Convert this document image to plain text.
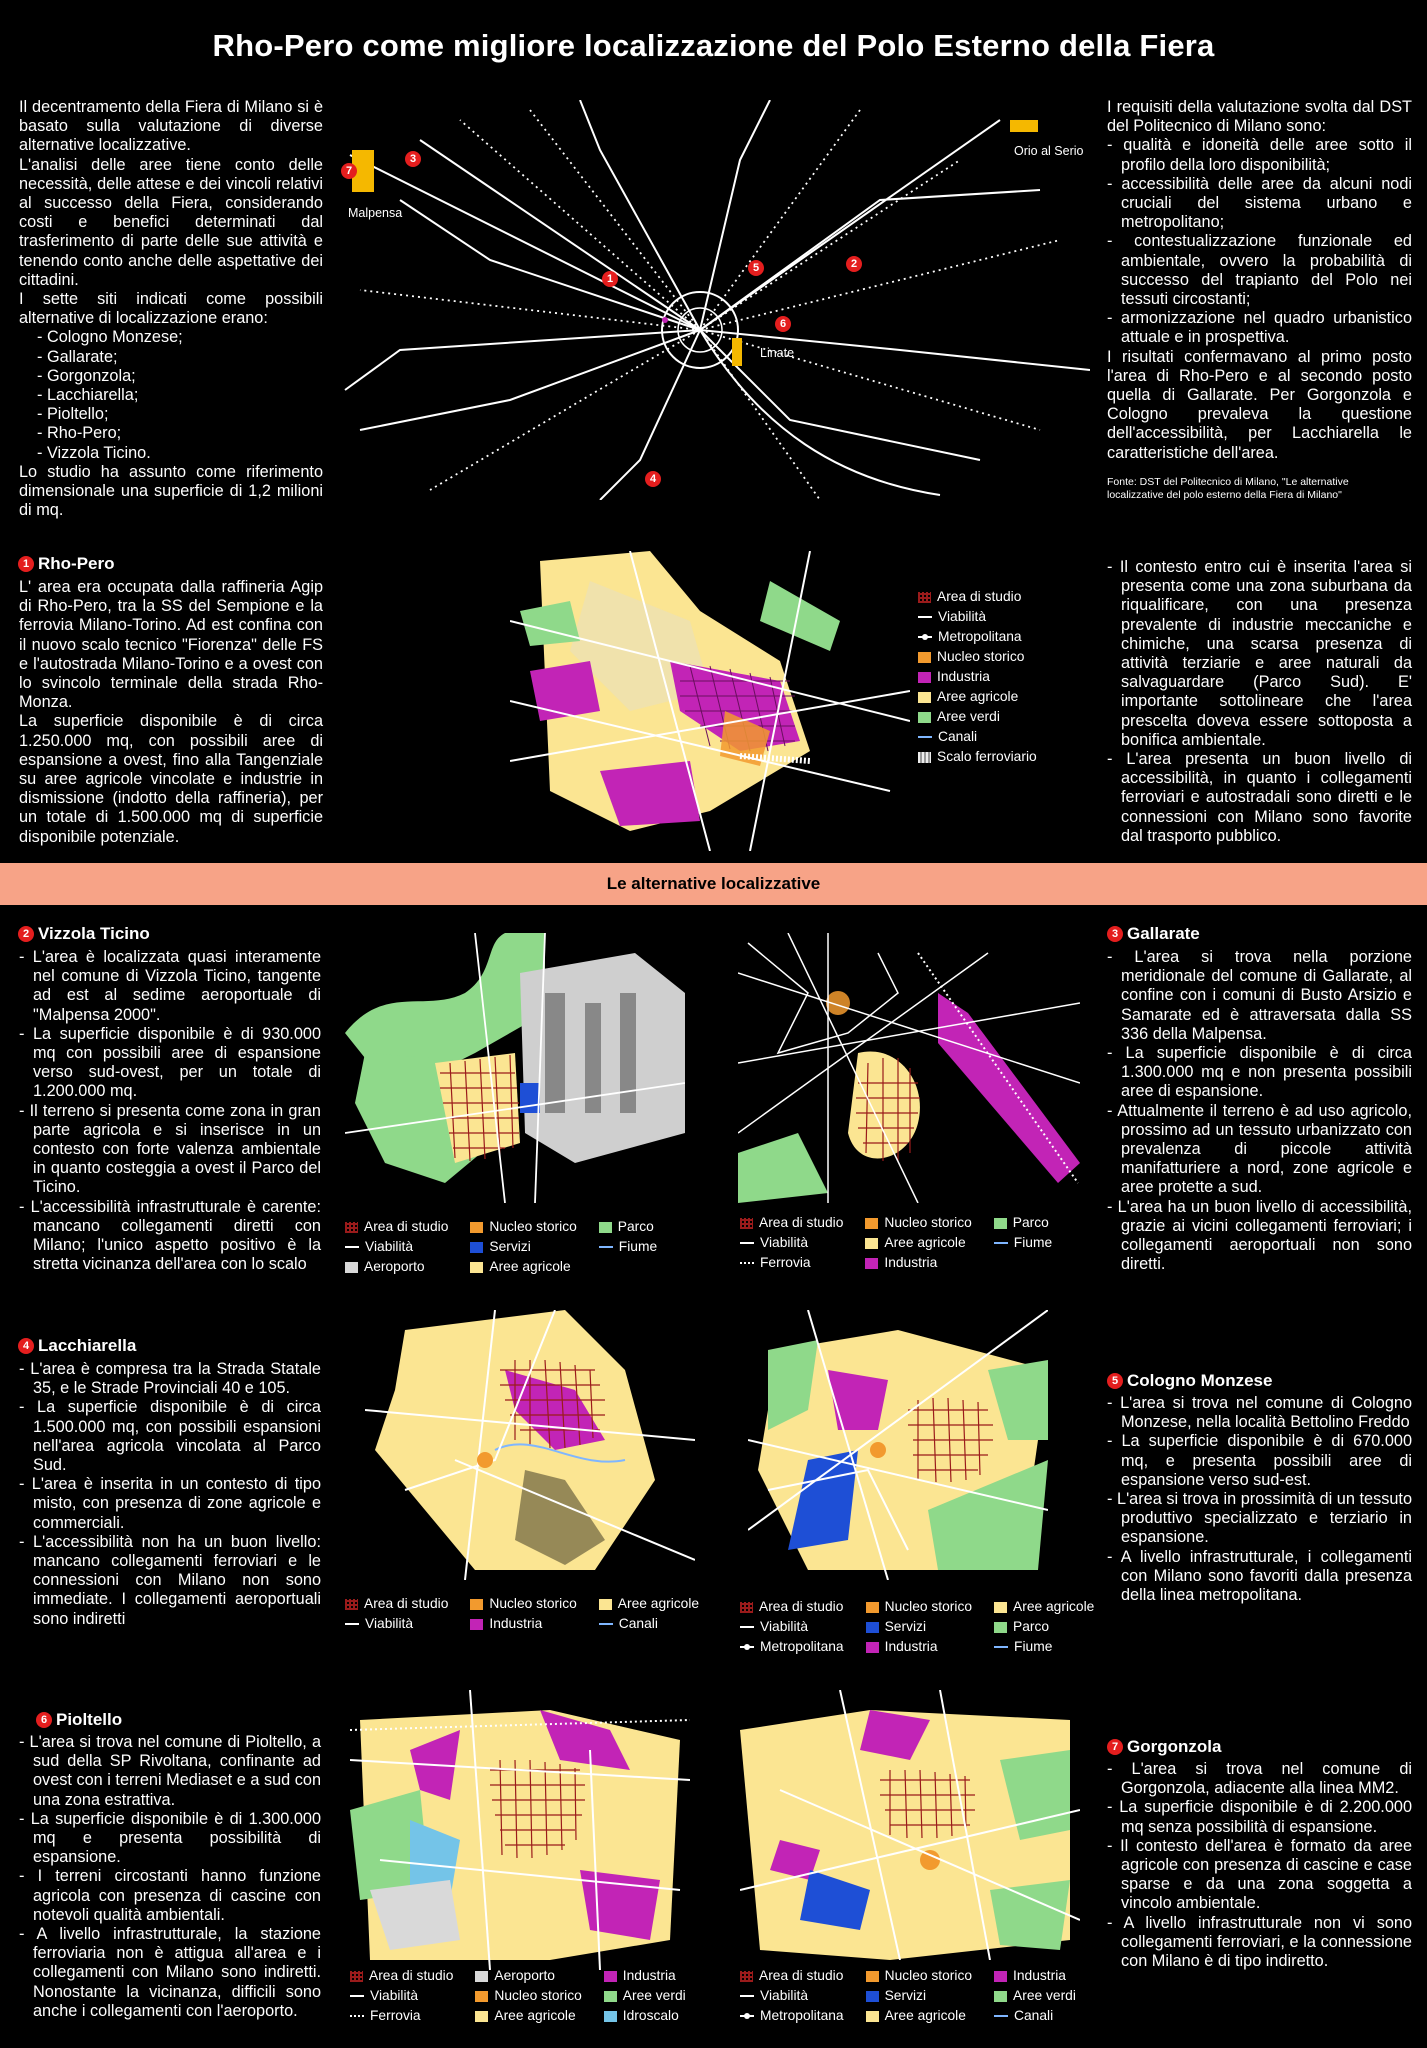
Rho-Pero come migliore localizzazione del Polo Esterno della Fiera

Il decentramento della Fiera di Milano si è basato sulla valutazione di diverse alternative localizzative.

L'analisi delle aree tiene conto delle necessità, delle attese e dei vincoli relativi al successo della Fiera, considerando costi e benefici determinati dal trasferimento di parte delle sue attività e tenendo conto anche delle aspettative dei cittadini.

I sette siti indicati come possibili alternative di localizzazione erano:

- Cologno Monzese;
- Gallarate;
- Gorgonzola;
- Lacchiarella;
- Pioltello;
- Rho-Pero;
- Vizzola Ticino.

Lo studio ha assunto come riferimento dimensionale una superficie di 1,2 milioni di mq.

Malpensa
Orio al Serio
Linate
7
3
1
5	2
6
4

I requisiti della valutazione svolta dal DST del Politecnico di Milano sono:

- qualità e idoneità delle aree sotto il profilo della loro disponibilità;
- accessibilità delle aree da alcuni nodi cruciali del sistema urbano e metropolitano;
- contestualizzazione funzionale ed ambientale, ovvero la probabilità di successo del trapianto del Polo nei tessuti circostanti;
- armonizzazione nel quadro urbanistico attuale e in prospettiva.

I risultati confermavano al primo posto l'area di Rho-Pero e al secondo posto quella di Gallarate. Per Gorgonzola e Cologno prevaleva la questione dell'accessibilità, per Lacchiarella le caratteristiche dell'area.

Fonte: DST del Politecnico di Milano, "Le alternative localizzative del polo esterno della Fiera di Milano"
1 Rho-Pero

L' area era occupata dalla raffineria Agip di Rho-Pero, tra la SS del Sempione e la ferrovia Milano-Torino. Ad est confina con il nuovo scalo tecnico "Fiorenza" delle FS e l'autostrada Milano-Torino e a ovest con lo svincolo terminale della strada Rho-Monza.

La superficie disponibile è di circa 1.250.000 mq, con possibili aree di espansione a ovest, fino alla Tangenziale su aree agricole vincolate e industrie in dismissione (indotto della raffineria), per un totale di 1.500.000 mq di superficie disponibile potenziale.

Area di studio
Viabilità
Metropolitana
Nucleo storico
Industria
Aree agricole
Aree verdi
Canali
Scalo ferroviario
- Il contesto entro cui è inserita l'area si presenta come una zona suburbana da riqualificare, con una presenza prevalente di industrie meccaniche e chimiche, una scarsa presenza di attività terziarie e aree naturali da salvaguardare (Parco Sud). E' importante sottolineare che l'area prescelta doveva essere sottoposta a bonifica ambientale.
- L'area presenta un buon livello di accessibilità, in quanto i collegamenti ferroviari e autostradali sono diretti e le connessioni con Milano sono favorite dal trasporto pubblico.
Le alternative localizzative
2 Vizzola Ticino
- L'area è localizzata quasi interamente nel comune di Vizzola Ticino, tangente ad est al sedime aeroportuale di "Malpensa 2000".
- La superficie disponibile è di 930.000 mq con possibili aree di espansione verso sud-ovest, per un totale di 1.200.000 mq.
- Il terreno si presenta come zona in gran parte agricola e si inserisce in un contesto con forte valenza ambientale in quanto costeggia a ovest il Parco del Ticino.
- L'accessibilità infrastrutturale è carente: mancano collegamenti diretti con Milano; l'unico aspetto positivo è la stretta vicinanza dell'area con lo scalo
Area di studio
Viabilità
Aeroporto
Nucleo storico
Servizi
Aree agricole
Parco
Fiume
Area di studio
Viabilità
Ferrovia
Nucleo storico
Aree agricole
Industria
Parco
Fiume
3 Gallarate
- L'area si trova nella porzione meridionale del comune di Gallarate, al confine con i comuni di Busto Arsizio e Samarate ed è attraversata dalla SS 336 della Malpensa.
- La superficie disponibile è di circa 1.300.000 mq e non presenta possibili aree di espansione.
- Attualmente il terreno è ad uso agricolo, prossimo ad un tessuto urbanizzato con prevalenza di piccole attività manifatturiere a nord, zone agricole e aree protette a sud.
- L'area ha un buon livello di accessibilità, grazie ai vicini collegamenti ferroviari; i collegamenti aeroportuali non sono diretti.
4 Lacchiarella
- L'area è compresa tra la Strada Statale 35, e le Strade Provinciali 40 e 105.
- La superficie disponibile è di circa 1.500.000 mq, con possibili espansioni nell'area agricola vincolata al Parco Sud.
- L'area è inserita in un contesto di tipo misto, con presenza di zone agricole e commerciali.
- L'accessibilità non ha un buon livello: mancano collegamenti ferroviari e le connessioni con Milano non sono immediate. I collegamenti aeroportuali sono indiretti
Area di studio
Viabilità
Nucleo storico
Industria
Aree agricole
Canali
Area di studio
Viabilità
Metropolitana
Nucleo storico
Servizi
Industria
Aree agricole
Parco
Fiume
5 Cologno Monzese
- L'area si trova nel comune di Cologno Monzese, nella località Bettolino Freddo
- La superficie disponibile è di 670.000 mq, e presenta possibili aree di espansione verso sud-est.
- L'area si trova in prossimità di un tessuto produttivo specializzato e terziario in espansione.
- A livello infrastrutturale, i collegamenti con Milano sono favoriti dalla presenza della linea metropolitana.
6 Pioltello
- L'area si trova nel comune di Pioltello, a sud della SP Rivoltana, confinante ad ovest con i terreni Mediaset e a sud con una zona estrattiva.
- La superficie disponibile è di 1.300.000 mq e presenta possibilità di espansione.
- I terreni circostanti hanno funzione agricola con presenza di cascine con notevoli qualità ambientali.
- A livello infrastrutturale, la stazione ferroviaria non è attigua all'area e i collegamenti con Milano sono indiretti. Nonostante la vicinanza, difficili sono anche i collegamenti con l'aeroporto.
Area di studio
Viabilità
Ferrovia
Aeroporto
Nucleo storico
Aree agricole
Industria
Aree verdi
Idroscalo
Area di studio
Viabilità
Metropolitana
Nucleo storico
Servizi
Aree agricole
Industria
Aree verdi
Canali
7 Gorgonzola
- L'area si trova nel comune di Gorgonzola, adiacente alla linea MM2.
- La superficie disponibile è di 2.200.000 mq senza possibilità di espansione.
- Il contesto dell'area è formato da aree agricole con presenza di cascine e case sparse e da una zona soggetta a vincolo ambientale.
- A livello infrastrutturale non vi sono collegamenti ferroviari, e la connessione con Milano è di tipo indiretto.
